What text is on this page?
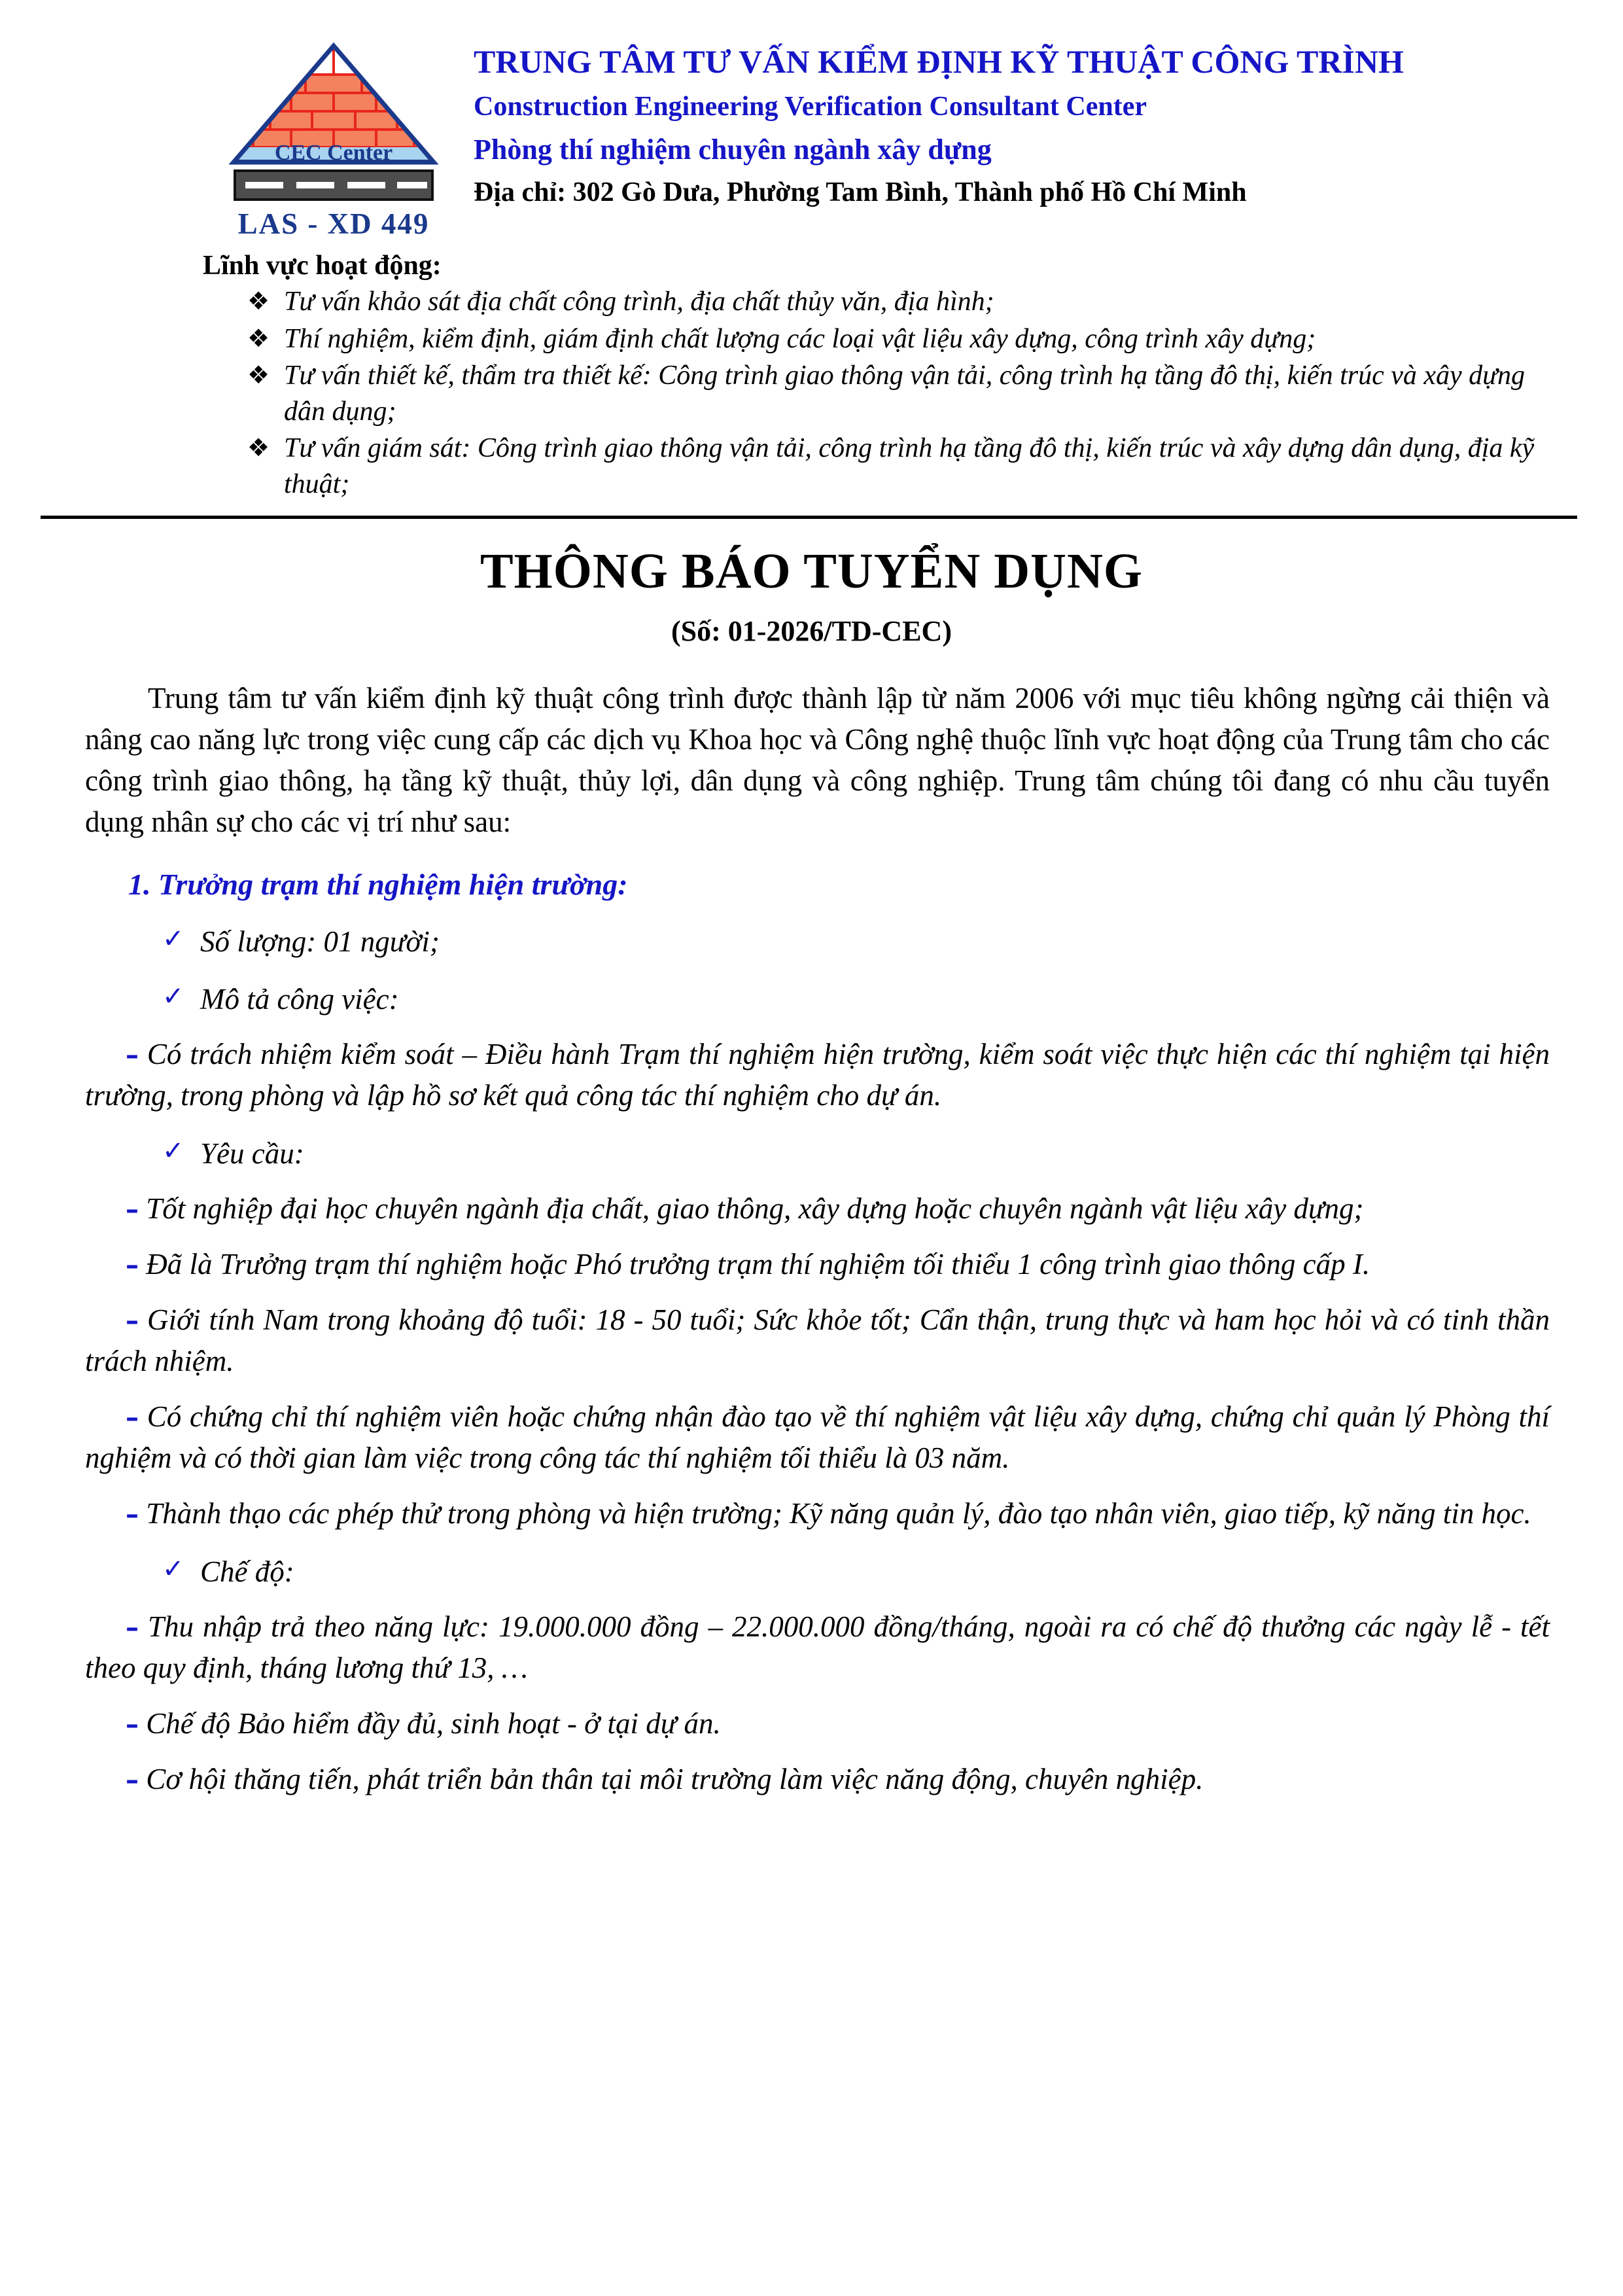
CEC Center
LAS - XD 449
TRUNG TÂM TƯ VẤN KIỂM ĐỊNH KỸ THUẬT CÔNG TRÌNH
Construction Engineering Verification Consultant Center
Phòng thí nghiệm chuyên ngành xây dựng
Địa chỉ: 302 Gò Dưa, Phường Tam Bình, Thành phố Hồ Chí Minh
Lĩnh vực hoạt động:
❖ Tư vấn khảo sát địa chất công trình, địa chất thủy văn, địa hình;
❖ Thí nghiệm, kiểm định, giám định chất lượng các loại vật liệu xây dựng, công trình xây dựng;
❖ Tư vấn thiết kế, thẩm tra thiết kế: Công trình giao thông vận tải, công trình hạ tầng đô thị, kiến trúc và xây dựng dân dụng;
❖ Tư vấn giám sát: Công trình giao thông vận tải, công trình hạ tầng đô thị, kiến trúc và xây dựng dân dụng, địa kỹ thuật;
THÔNG BÁO TUYỂN DỤNG
(Số: 01-2026/TD-CEC)

Trung tâm tư vấn kiểm định kỹ thuật công trình được thành lập từ năm 2006 với mục tiêu không ngừng cải thiện và nâng cao năng lực trong việc cung cấp các dịch vụ Khoa học và Công nghệ thuộc lĩnh vực hoạt động của Trung tâm cho các công trình giao thông, hạ tầng kỹ thuật, thủy lợi, dân dụng và công nghiệp. Trung tâm chúng tôi đang có nhu cầu tuyển dụng nhân sự cho các vị trí như sau:

1. Trưởng trạm thí nghiệm hiện trường:
✓ Số lượng: 01 người;
✓ Mô tả công việc:

– Có trách nhiệm kiểm soát – Điều hành Trạm thí nghiệm hiện trường, kiểm soát việc thực hiện các thí nghiệm tại hiện trường, trong phòng và lập hồ sơ kết quả công tác thí nghiệm cho dự án.

✓ Yêu cầu:

– Tốt nghiệp đại học chuyên ngành địa chất, giao thông, xây dựng hoặc chuyên ngành vật liệu xây dựng;

– Đã là Trưởng trạm thí nghiệm hoặc Phó trưởng trạm thí nghiệm tối thiểu 1 công trình giao thông cấp I.

– Giới tính Nam trong khoảng độ tuổi: 18 - 50 tuổi; Sức khỏe tốt; Cẩn thận, trung thực và ham học hỏi và có tinh thần trách nhiệm.

– Có chứng chỉ thí nghiệm viên hoặc chứng nhận đào tạo về thí nghiệm vật liệu xây dựng, chứng chỉ quản lý Phòng thí nghiệm và có thời gian làm việc trong công tác thí nghiệm tối thiểu là 03 năm.

– Thành thạo các phép thử trong phòng và hiện trường; Kỹ năng quản lý, đào tạo nhân viên, giao tiếp, kỹ năng tin học.

✓ Chế độ:

– Thu nhập trả theo năng lực: 19.000.000 đồng – 22.000.000 đồng/tháng, ngoài ra có chế độ thưởng các ngày lễ - tết theo quy định, tháng lương thứ 13, …

– Chế độ Bảo hiểm đầy đủ, sinh hoạt - ở tại dự án.

– Cơ hội thăng tiến, phát triển bản thân tại môi trường làm việc năng động, chuyên nghiệp.
